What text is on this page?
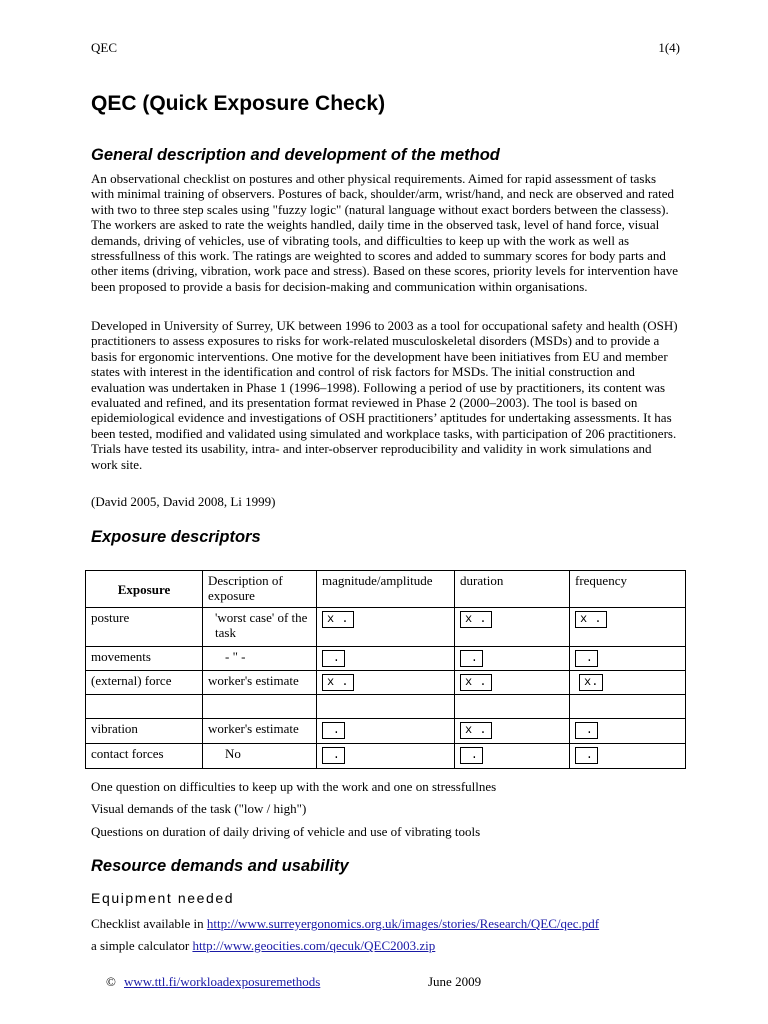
QEC	1(4)
QEC (Quick Exposure Check)
General description and development of the method

An observational checklist on postures and other physical requirements. Aimed for rapid assessment of tasks with minimal training of observers. Postures of back, shoulder/arm, wrist/hand, and neck are observed and rated with two to three step scales using "fuzzy logic" (natural language without exact borders between the classess). The workers are asked to rate the weights handled, daily time in the observed task, level of hand force, visual demands, driving of vehicles, use of vibrating tools, and difficulties to keep up with the work as well as stressfullness of this work. The ratings are weighted to scores and added to summary scores for body parts and other items (driving, vibration, work pace and stress). Based on these scores, priority levels for intervention have been proposed to provide a basis for decision-making and communication within organisations.

Developed in University of Surrey, UK between 1996 to 2003 as a tool for occupational safety and health (OSH) practitioners to assess exposures to risks for work-related musculoskeletal disorders (MSDs) and to provide a basis for ergonomic interventions. One motive for the development have been initiatives from EU and member states with interest in the identification and control of risk factors for MSDs. The initial construction and evaluation was undertaken in Phase 1 (1996–1998). Following a period of use by practitioners, its content was evaluated and refined, and its presentation format reviewed in Phase 2 (2000–2003). The tool is based on epidemiological evidence and investigations of OSH practitioners’ aptitudes for undertaking assessments. It has been tested, modified and validated using simulated and workplace tasks, with participation of 206 practitioners. Trials have tested its usability, intra- and inter-observer reproducibility and validity in work simulations and work site.

(David 2005, David 2008, Li 1999)

Exposure descriptors
Exposure	Description of exposure	magnitude/amplitude	duration	frequency
posture	'worst case' of the task	x .	x .	x .
movements	- " -	.	.	.
(external) force	worker's estimate	x .	x .	x.

vibration	worker's estimate	.	x .	.
contact forces	No	.	.	.
One question on difficulties to keep up with the work and one on stressfullnes
Visual demands of the task ("low / high")
Questions on duration of daily driving of vehicle and use of vibrating tools
Resource demands and usability
Equipment needed
Checklist available in http://www.surreyergonomics.org.uk/images/stories/Research/QEC/qec.pdf
a simple calculator http://www.geocities.com/qecuk/QEC2003.zip
© www.ttl.fi/workloadexposuremethods	June 2009
